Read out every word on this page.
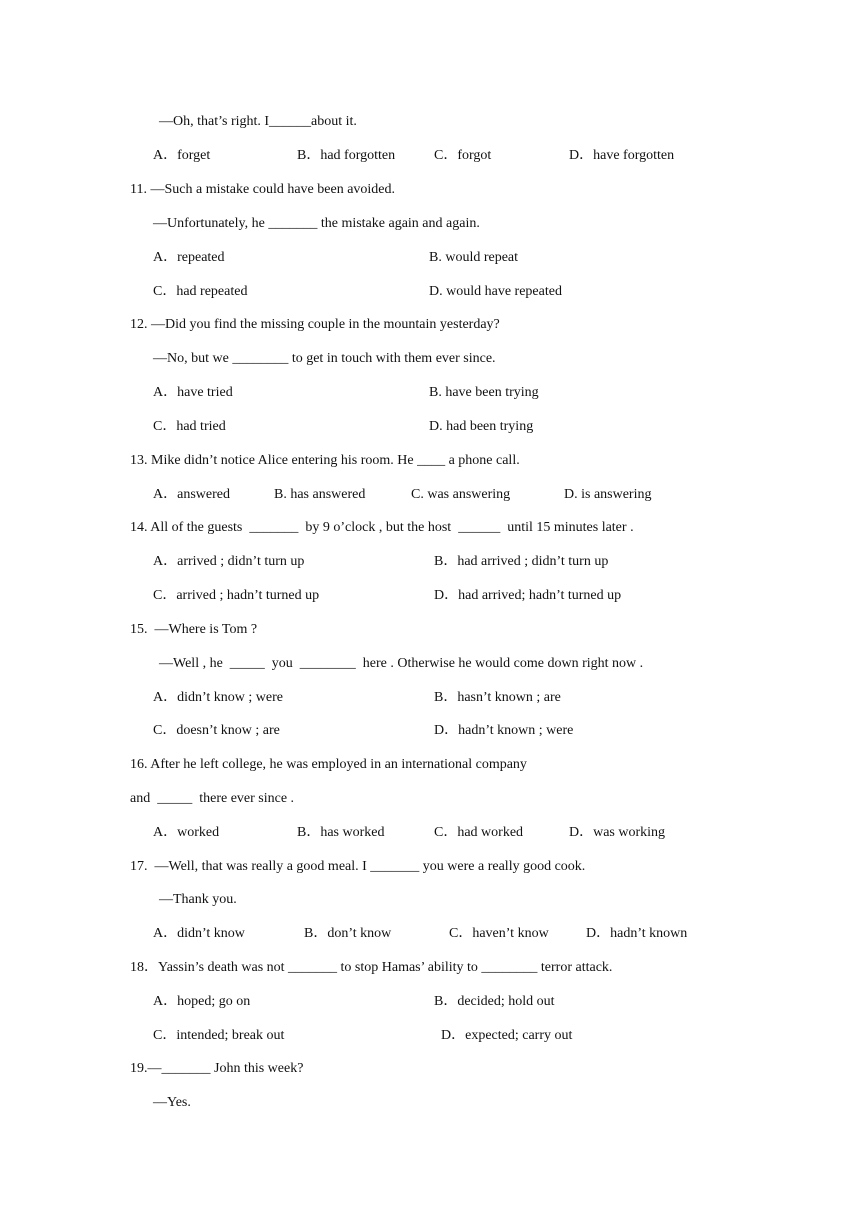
—Oh, that’s right. I______about it.
A．forget	B．had forgotten	C．forgot	D．have forgotten
11. —Such a mistake could have been avoided.
—Unfortunately, he _______ the mistake again and again.
A．repeated	B. would repeat
C．had repeated	D. would have repeated
12. —Did you find the missing couple in the mountain yesterday?
—No, but we ________ to get in touch with them ever since.
A．have tried	B. have been trying
C．had tried	D. had been trying
13. Mike didn’t notice Alice entering his room. He ____ a phone call.
A．answered	B. has answered	C. was answering	D. is answering
14. All of the guests  _______  by 9 o’clock , but the host  ______  until 15 minutes later .
A．arrived ; didn’t turn up	B．had arrived ; didn’t turn up
C．arrived ; hadn’t turned up	D．had arrived; hadn’t turned up
15.  —Where is Tom ?
—Well , he  _____  you  ________  here . Otherwise he would come down right now .
A．didn’t know ; were	B．hasn’t known ; are
C．doesn’t know ; are	D．hadn’t known ; were
16. After he left college, he was employed in an international company
and  _____  there ever since .
A．worked	B．has worked	C．had worked	D．was working
17.  —Well, that was really a good meal. I _______ you were a really good cook.
—Thank you.
A．didn’t know	B．don’t know	C．haven’t know	D．hadn’t known
18．Yassin’s death was not _______ to stop Hamas’ ability to ________ terror attack.
A．hoped; go on	B．decided; hold out
C．intended; break out	D．expected; carry out
19.—_______ John this week?
—Yes.
